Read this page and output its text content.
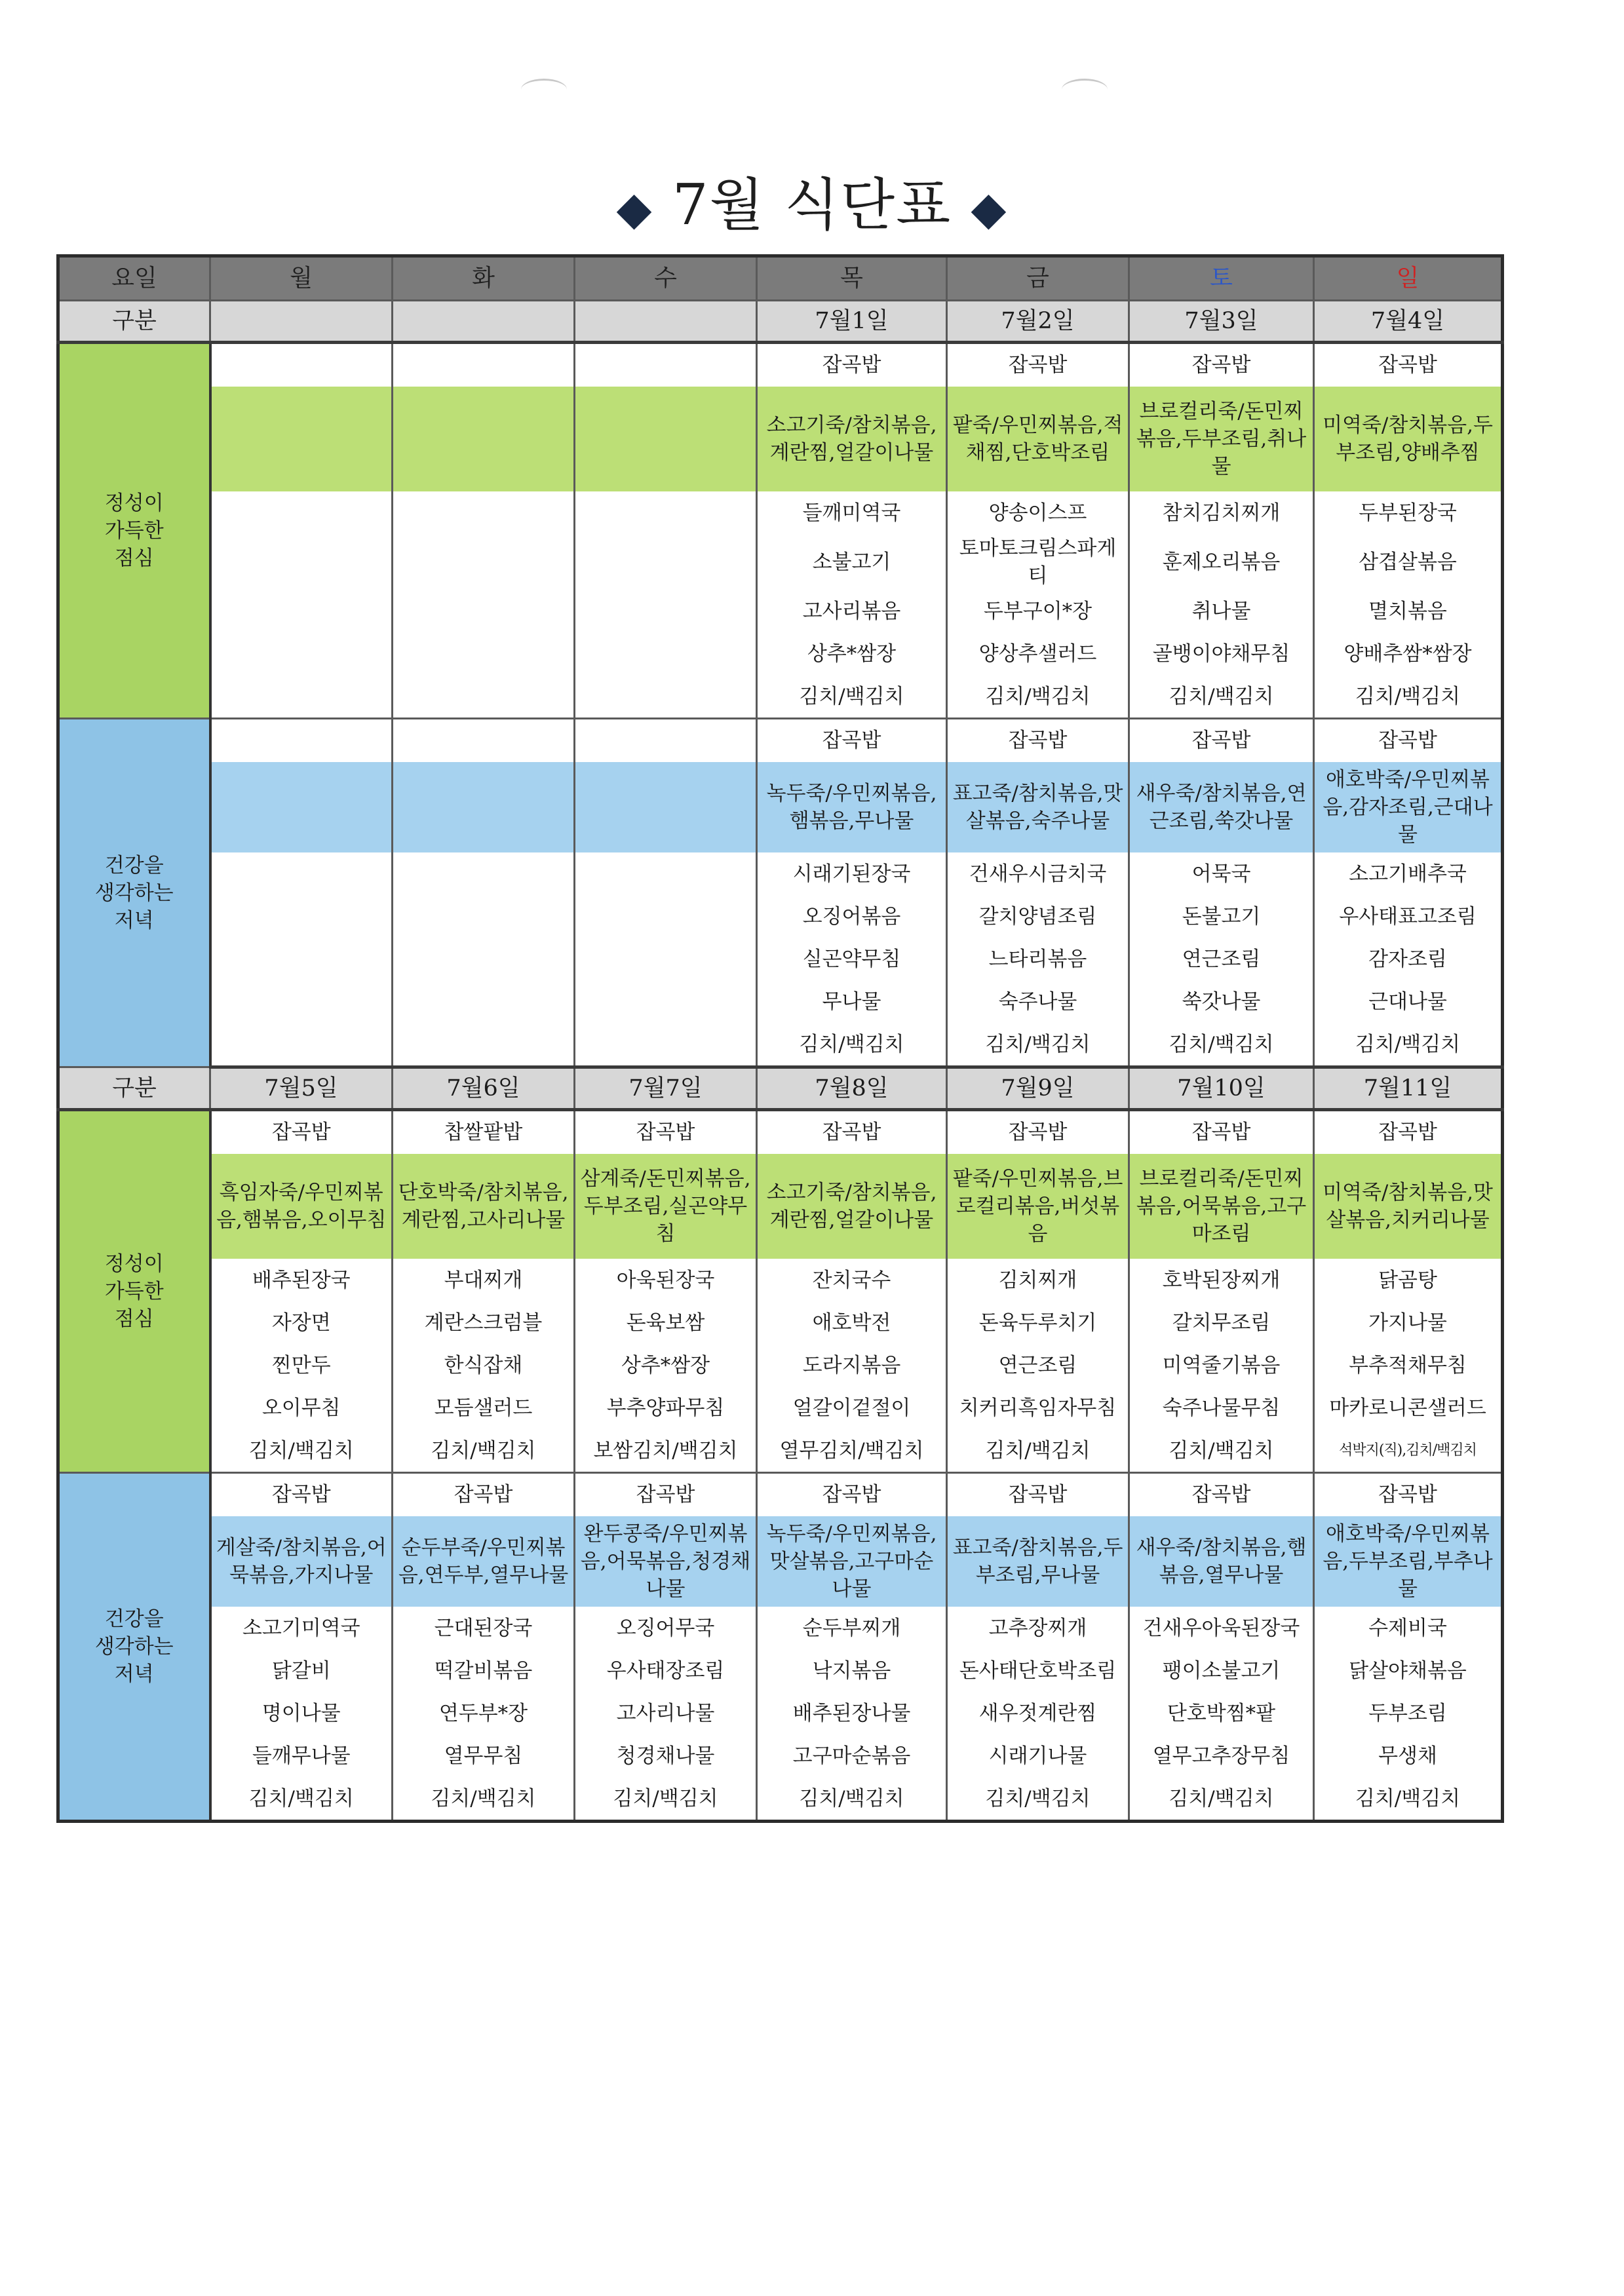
◆ 7월 식단표 ◆
요일	월	화	수	목	금	토	일
구분				7월1일	7월2일	7월3일	7월4일
정성이
가득한
점심				잡곡밥	잡곡밥	잡곡밥	잡곡밥
				소고기죽/참치볶음,계란찜,얼갈이나물	팥죽/우민찌볶음,적채찜,단호박조림	브로컬리죽/돈민찌볶음,두부조림,취나물	미역죽/참치볶음,두부조림,양배추찜
				들깨미역국	양송이스프	참치김치찌개	두부된장국
				소불고기	토마토크림스파게티	훈제오리볶음	삼겹살볶음
				고사리볶음	두부구이*장	취나물	멸치볶음
				상추*쌈장	양상추샐러드	골뱅이야채무침	양배추쌈*쌈장
				김치/백김치	김치/백김치	김치/백김치	김치/백김치
건강을
생각하는
저녁				잡곡밥	잡곡밥	잡곡밥	잡곡밥
				녹두죽/우민찌볶음,햄볶음,무나물	표고죽/참치볶음,맛살볶음,숙주나물	새우죽/참치볶음,연근조림,쑥갓나물	애호박죽/우민찌볶음,감자조림,근대나물
				시래기된장국	건새우시금치국	어묵국	소고기배추국
				오징어볶음	갈치양념조림	돈불고기	우사태표고조림
				실곤약무침	느타리볶음	연근조림	감자조림
				무나물	숙주나물	쑥갓나물	근대나물
				김치/백김치	김치/백김치	김치/백김치	김치/백김치
구분	7월5일	7월6일	7월7일	7월8일	7월9일	7월10일	7월11일
정성이
가득한
점심	잡곡밥	찹쌀팥밥	잡곡밥	잡곡밥	잡곡밥	잡곡밥	잡곡밥
	흑임자죽/우민찌볶음,햄볶음,오이무침	단호박죽/참치볶음,계란찜,고사리나물	삼계죽/돈민찌볶음,두부조림,실곤약무침	소고기죽/참치볶음,계란찜,얼갈이나물	팥죽/우민찌볶음,브로컬리볶음,버섯볶음	브로컬리죽/돈민찌볶음,어묵볶음,고구마조림	미역죽/참치볶음,맛살볶음,치커리나물
	배추된장국	부대찌개	아욱된장국	잔치국수	김치찌개	호박된장찌개	닭곰탕
	자장면	계란스크럼블	돈육보쌈	애호박전	돈육두루치기	갈치무조림	가지나물
	찐만두	한식잡채	상추*쌈장	도라지볶음	연근조림	미역줄기볶음	부추적채무침
	오이무침	모듬샐러드	부추양파무침	얼갈이겉절이	치커리흑임자무침	숙주나물무침	마카로니콘샐러드
	김치/백김치	김치/백김치	보쌈김치/백김치	열무김치/백김치	김치/백김치	김치/백김치	석박지(직),김치/백김치
건강을
생각하는
저녁	잡곡밥	잡곡밥	잡곡밥	잡곡밥	잡곡밥	잡곡밥	잡곡밥
	게살죽/참치볶음,어묵볶음,가지나물	순두부죽/우민찌볶음,연두부,열무나물	완두콩죽/우민찌볶음,어묵볶음,청경채나물	녹두죽/우민찌볶음,맛살볶음,고구마순나물	표고죽/참치볶음,두부조림,무나물	새우죽/참치볶음,햄볶음,열무나물	애호박죽/우민찌볶음,두부조림,부추나물
	소고기미역국	근대된장국	오징어무국	순두부찌개	고추장찌개	건새우아욱된장국	수제비국
	닭갈비	떡갈비볶음	우사태장조림	낙지볶음	돈사태단호박조림	팽이소불고기	닭살야채볶음
	명이나물	연두부*장	고사리나물	배추된장나물	새우젓계란찜	단호박찜*팥	두부조림
	들깨무나물	열무무침	청경채나물	고구마순볶음	시래기나물	열무고추장무침	무생채
	김치/백김치	김치/백김치	김치/백김치	김치/백김치	김치/백김치	김치/백김치	김치/백김치
